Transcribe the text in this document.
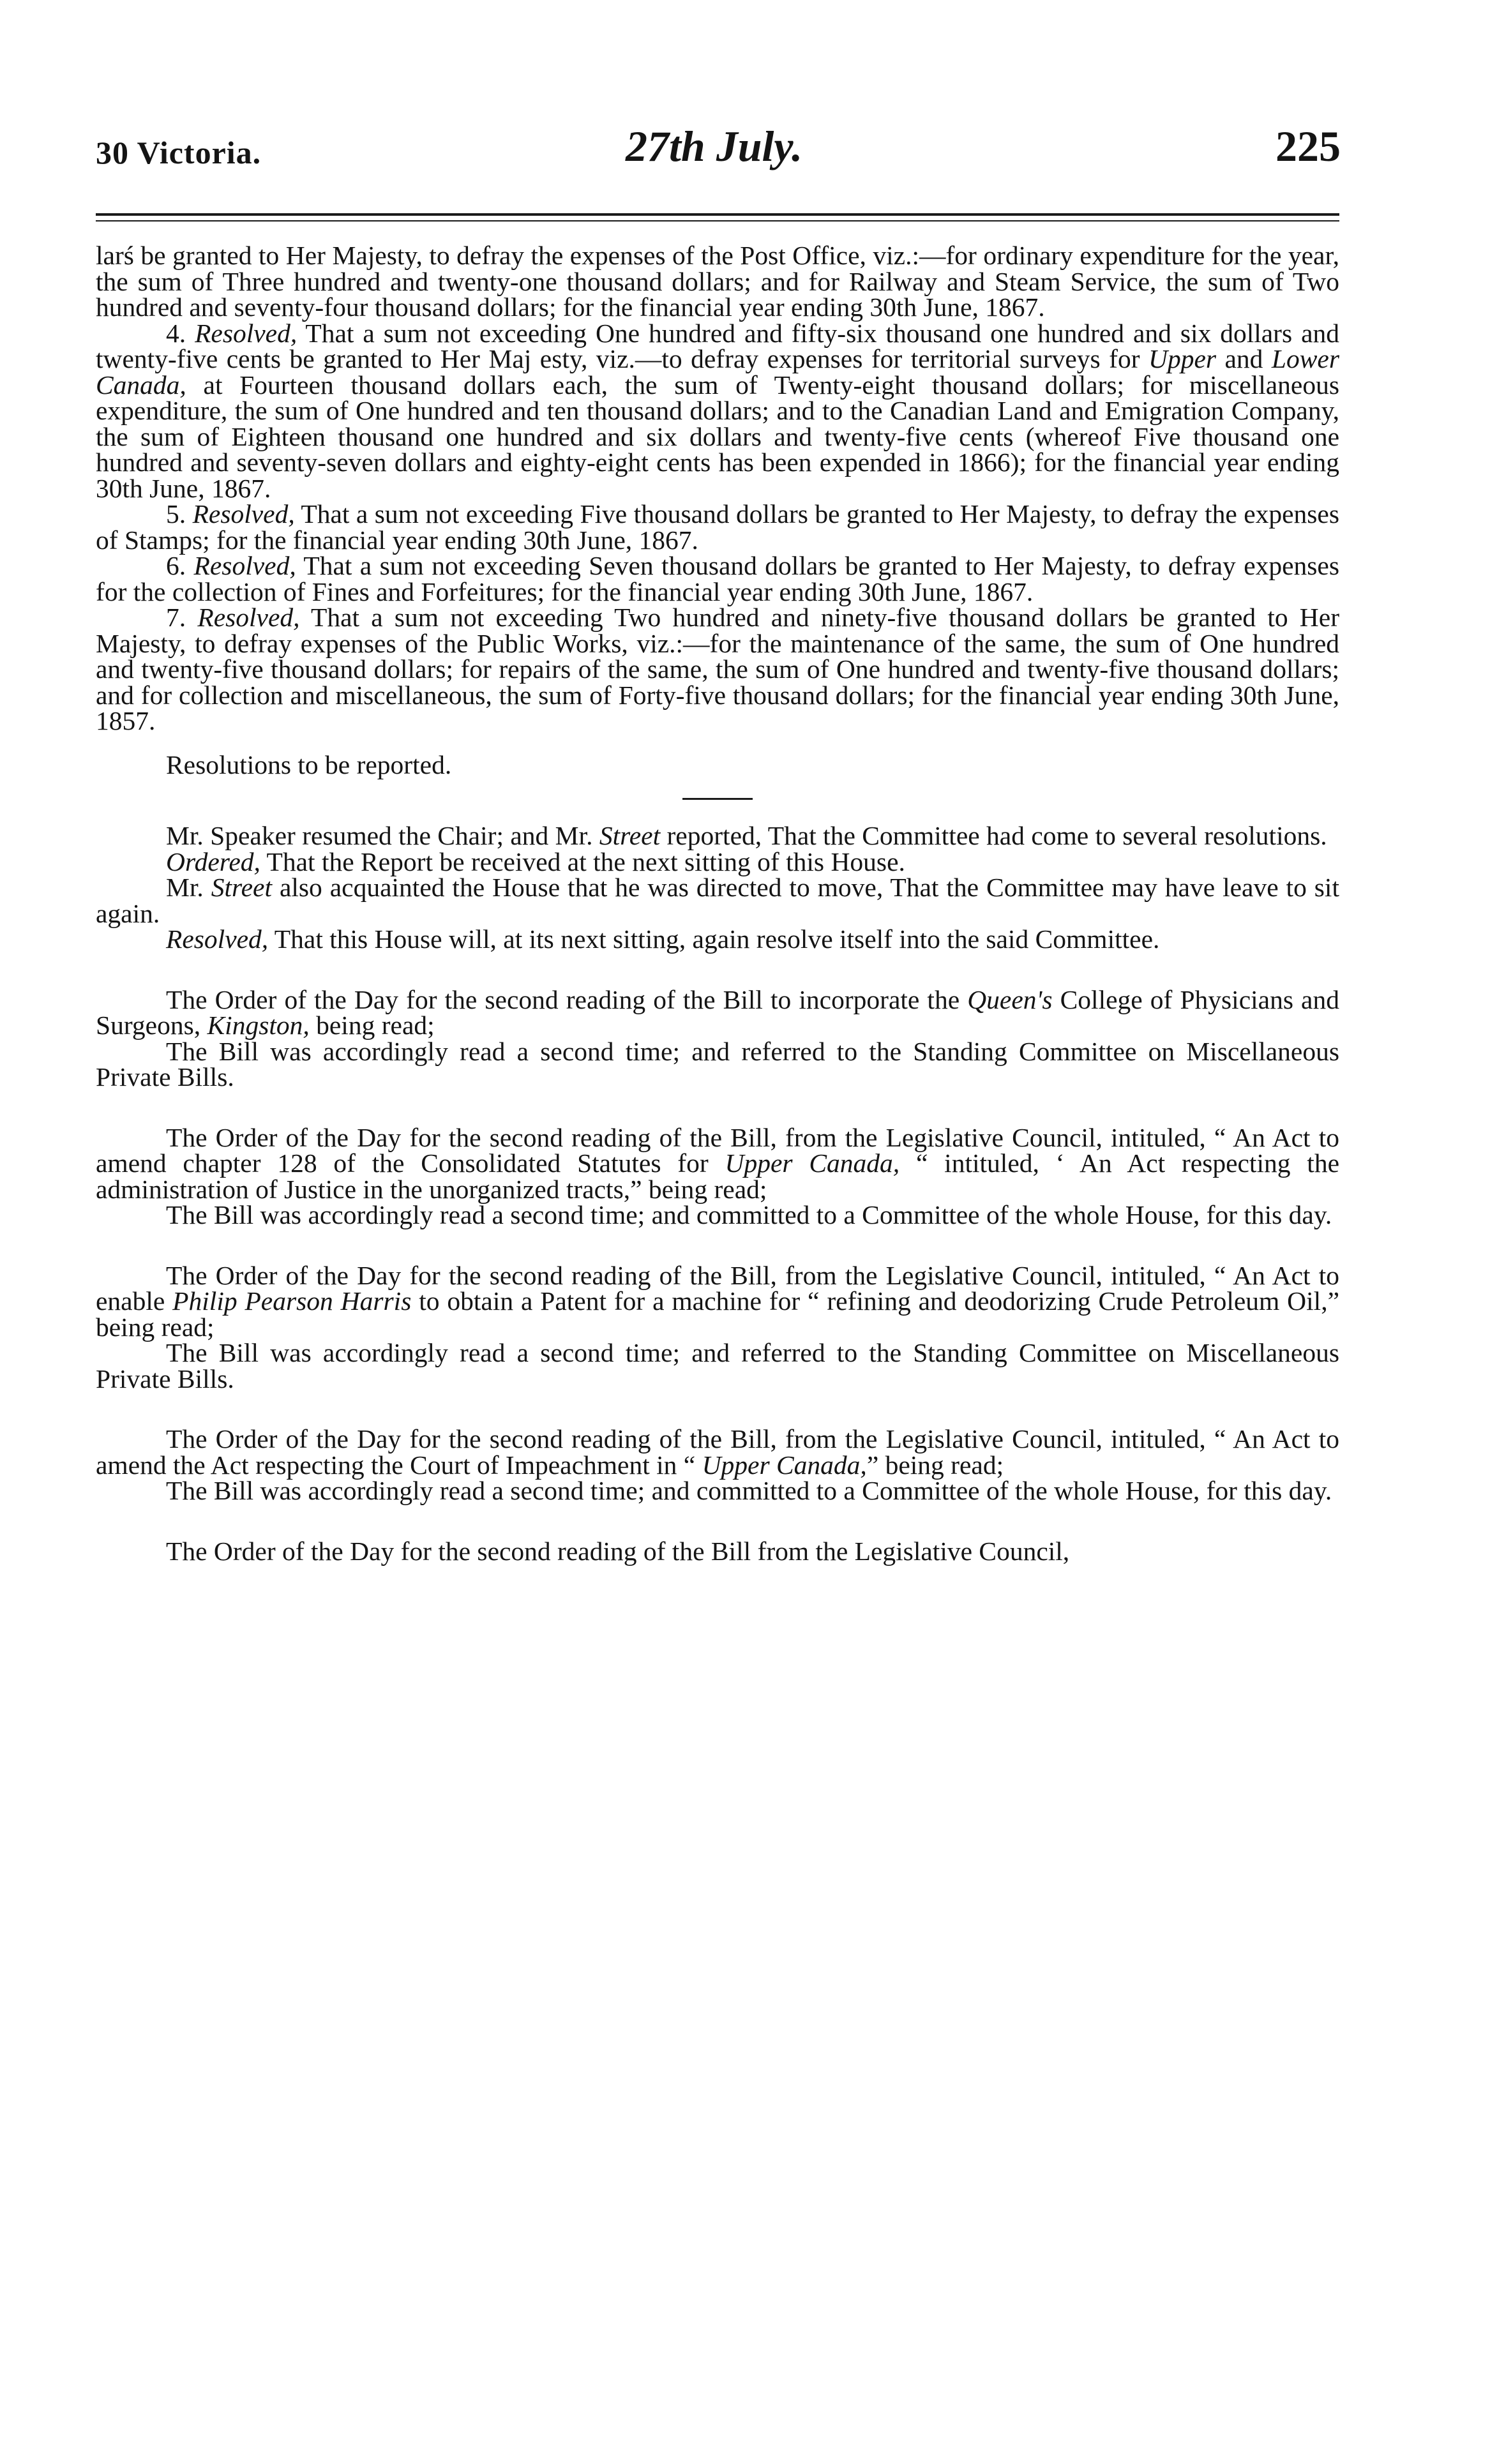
30 Victoria.	27th July.	225

larś be granted to Her Majesty, to defray the expenses of the Post Office, viz.:—for ordinary expenditure for the year, the sum of Three hundred and twenty-one thousand dollars; and for Railway and Steam Service, the sum of Two hundred and seventy-four thousand dollars; for the financial year ending 30th June, 1867.

4. Resolved, That a sum not exceeding One hundred and fifty-six thousand one hundred and six dollars and twenty-five cents be granted to Her Maj esty, viz.—to defray expenses for territorial surveys for Upper and Lower Canada, at Fourteen thousand dollars each, the sum of Twenty-eight thousand dollars; for miscellaneous expenditure, the sum of One hundred and ten thousand dollars; and to the Canadian Land and Emigration Company, the sum of Eighteen thousand one hundred and six dollars and twenty-five cents (whereof Five thousand one hundred and seventy-seven dollars and eighty-eight cents has been expended in 1866); for the financial year ending 30th June, 1867.

5. Resolved, That a sum not exceeding Five thousand dollars be granted to Her Majesty, to defray the expenses of Stamps; for the financial year ending 30th June, 1867.

6. Resolved, That a sum not exceeding Seven thousand dollars be granted to Her Majesty, to defray expenses for the collection of Fines and Forfeitures; for the financial year ending 30th June, 1867.

7. Resolved, That a sum not exceeding Two hundred and ninety-five thousand dollars be granted to Her Majesty, to defray expenses of the Public Works, viz.:—for the maintenance of the same, the sum of One hundred and twenty-five thousand dollars; for repairs of the same, the sum of One hundred and twenty-five thousand dollars; and for collection and miscellaneous, the sum of Forty-five thousand dollars; for the financial year ending 30th June, 1857.

Resolutions to be reported.

Mr. Speaker resumed the Chair; and Mr. Street reported, That the Committee had come to several resolutions.

Ordered, That the Report be received at the next sitting of this House.

Mr. Street also acquainted the House that he was directed to move, That the Committee may have leave to sit again.

Resolved, That this House will, at its next sitting, again resolve itself into the said Committee.

The Order of the Day for the second reading of the Bill to incorporate the Queen's College of Physicians and Surgeons, Kingston, being read;

The Bill was accordingly read a second time; and referred to the Standing Committee on Miscellaneous Private Bills.

The Order of the Day for the second reading of the Bill, from the Legislative Council, intituled, “ An Act to amend chapter 128 of the Consolidated Statutes for Upper Canada, “ intituled, ‘ An Act respecting the administration of Justice in the unorganized tracts,” being read;

The Bill was accordingly read a second time; and committed to a Committee of the whole House, for this day.

The Order of the Day for the second reading of the Bill, from the Legislative Council, intituled, “ An Act to enable Philip Pearson Harris to obtain a Patent for a machine for “ refining and deodorizing Crude Petroleum Oil,” being read;

The Bill was accordingly read a second time; and referred to the Standing Committee on Miscellaneous Private Bills.

The Order of the Day for the second reading of the Bill, from the Legislative Council, intituled, “ An Act to amend the Act respecting the Court of Impeachment in “ Upper Canada,” being read;

The Bill was accordingly read a second time; and committed to a Committee of the whole House, for this day.

The Order of the Day for the second reading of the Bill from the Legislative Council,
